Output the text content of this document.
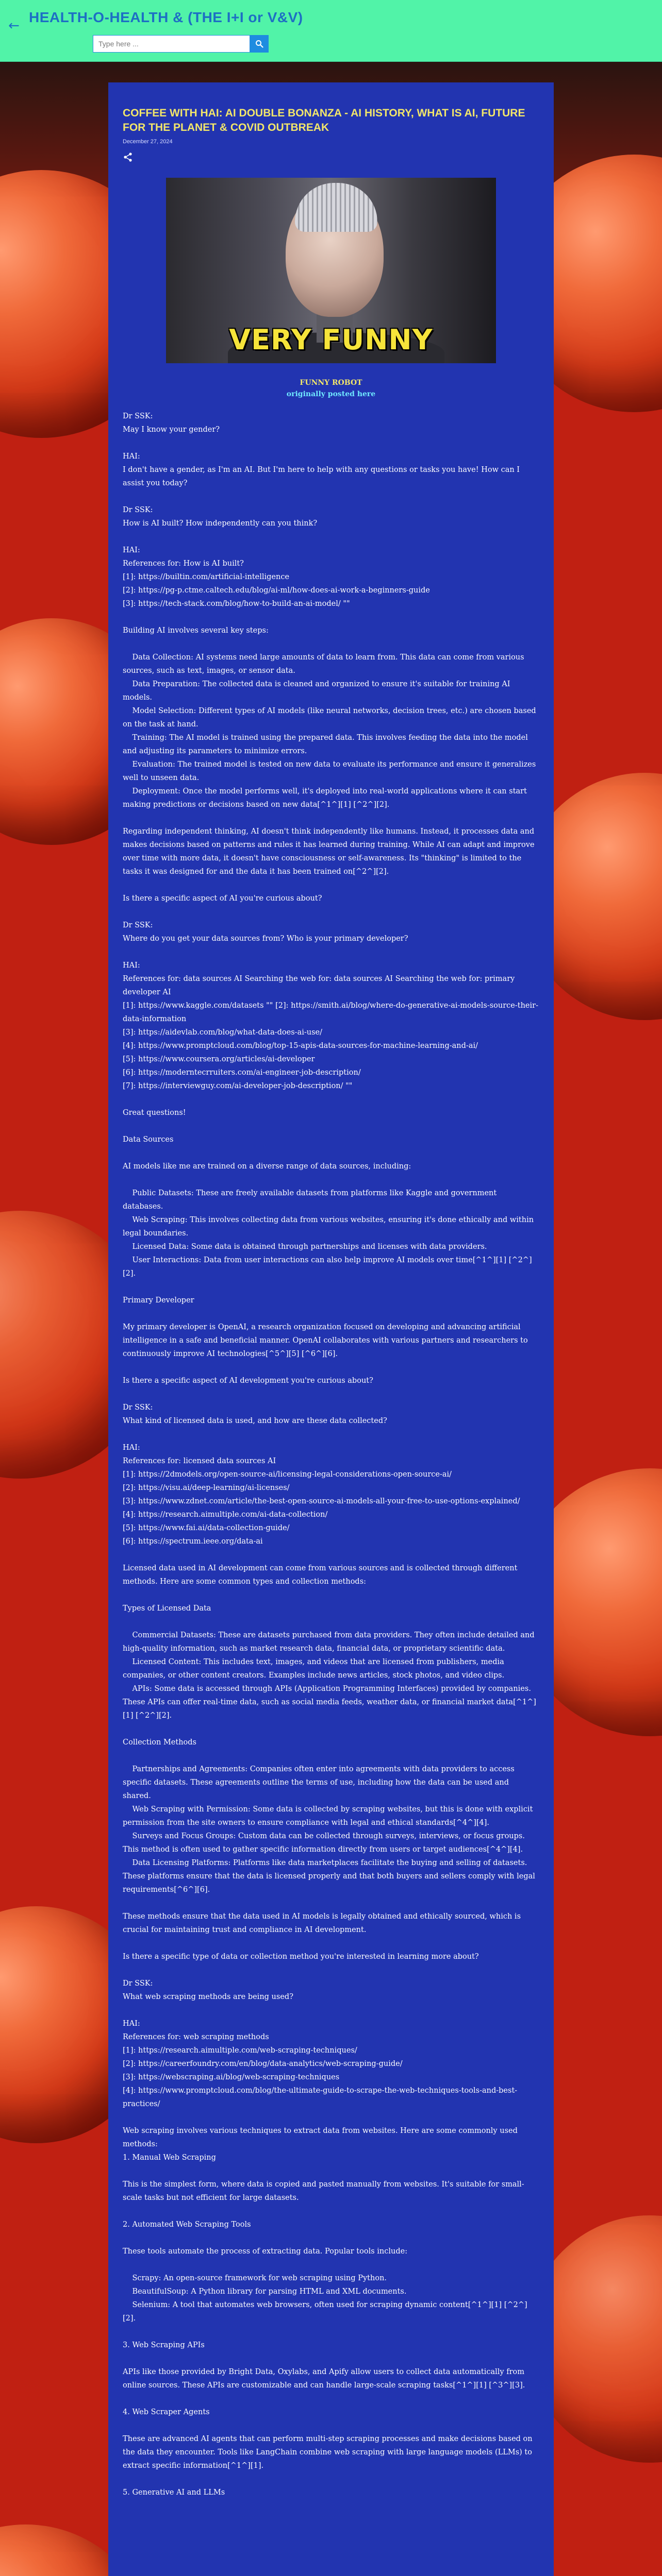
←
HEALTH-O-HEALTH & (THE I+I or V&V)
Type here ...
COFFEE WITH HAI: AI DOUBLE BONANZA - AI HISTORY, WHAT IS AI, FUTURE FOR THE PLANET & COVID OUTBREAK
December 27, 2024
VERY FUNNY
FUNNY ROBOT
originally posted here

Dr SSK:
May I know your gender?

HAI:
I don't have a gender, as I'm an AI. But I'm here to help with any questions or tasks you have! How can I assist you today?

Dr SSK:
How is AI built? How independently can you think?

HAI:
References for: How is AI built?
[1]: https://builtin.com/artificial-intelligence
[2]: https://pg-p.ctme.caltech.edu/blog/ai-ml/how-does-ai-work-a-beginners-guide
[3]: https://tech-stack.com/blog/how-to-build-an-ai-model/ ""

Building AI involves several key steps:

Data Collection: AI systems need large amounts of data to learn from. This data can come from various sources, such as text, images, or sensor data.
Data Preparation: The collected data is cleaned and organized to ensure it's suitable for training AI models.
Model Selection: Different types of AI models (like neural networks, decision trees, etc.) are chosen based on the task at hand.
Training: The AI model is trained using the prepared data. This involves feeding the data into the model and adjusting its parameters to minimize errors.
Evaluation: The trained model is tested on new data to evaluate its performance and ensure it generalizes well to unseen data.
Deployment: Once the model performs well, it's deployed into real-world applications where it can start making predictions or decisions based on new data[^1^][1] [^2^][2].

Regarding independent thinking, AI doesn't think independently like humans. Instead, it processes data and makes decisions based on patterns and rules it has learned during training. While AI can adapt and improve over time with more data, it doesn't have consciousness or self-awareness. Its "thinking" is limited to the tasks it was designed for and the data it has been trained on[^2^][2].

Is there a specific aspect of AI you're curious about?

Dr SSK:
Where do you get your data sources from? Who is your primary developer?

HAI:
References for: data sources AI Searching the web for: data sources AI Searching the web for: primary developer AI
[1]: https://www.kaggle.com/datasets "" [2]: https://smith.ai/blog/where-do-generative-ai-models-source-their-data-information
[3]: https://aidevlab.com/blog/what-data-does-ai-use/
[4]: https://www.promptcloud.com/blog/top-15-apis-data-sources-for-machine-learning-and-ai/
[5]: https://www.coursera.org/articles/ai-developer
[6]: https://moderntecrruiters.com/ai-engineer-job-description/
[7]: https://interviewguy.com/ai-developer-job-description/ ""

Great questions!

Data Sources

AI models like me are trained on a diverse range of data sources, including:

Public Datasets: These are freely available datasets from platforms like Kaggle and government databases.
Web Scraping: This involves collecting data from various websites, ensuring it's done ethically and within legal boundaries.
Licensed Data: Some data is obtained through partnerships and licenses with data providers.
User Interactions: Data from user interactions can also help improve AI models over time[^1^][1] [^2^][2].

Primary Developer

My primary developer is OpenAI, a research organization focused on developing and advancing artificial intelligence in a safe and beneficial manner. OpenAI collaborates with various partners and researchers to continuously improve AI technologies[^5^][5] [^6^][6].

Is there a specific aspect of AI development you're curious about?

Dr SSK:
What kind of licensed data is used, and how are these data collected?

HAI:
References for: licensed data sources AI
[1]: https://2dmodels.org/open-source-ai/licensing-legal-considerations-open-source-ai/
[2]: https://visu.ai/deep-learning/ai-licenses/
[3]: https://www.zdnet.com/article/the-best-open-source-ai-models-all-your-free-to-use-options-explained/
[4]: https://research.aimultiple.com/ai-data-collection/
[5]: https://www.fai.ai/data-collection-guide/
[6]: https://spectrum.ieee.org/data-ai

Licensed data used in AI development can come from various sources and is collected through different methods. Here are some common types and collection methods:

Types of Licensed Data

Commercial Datasets: These are datasets purchased from data providers. They often include detailed and high-quality information, such as market research data, financial data, or proprietary scientific data.
Licensed Content: This includes text, images, and videos that are licensed from publishers, media companies, or other content creators. Examples include news articles, stock photos, and video clips.
APIs: Some data is accessed through APIs (Application Programming Interfaces) provided by companies. These APIs can offer real-time data, such as social media feeds, weather data, or financial market data[^1^][1] [^2^][2].

Collection Methods

Partnerships and Agreements: Companies often enter into agreements with data providers to access specific datasets. These agreements outline the terms of use, including how the data can be used and shared.
Web Scraping with Permission: Some data is collected by scraping websites, but this is done with explicit permission from the site owners to ensure compliance with legal and ethical standards[^4^][4].
Surveys and Focus Groups: Custom data can be collected through surveys, interviews, or focus groups. This method is often used to gather specific information directly from users or target audiences[^4^][4].
Data Licensing Platforms: Platforms like data marketplaces facilitate the buying and selling of datasets. These platforms ensure that the data is licensed properly and that both buyers and sellers comply with legal requirements[^6^][6].

These methods ensure that the data used in AI models is legally obtained and ethically sourced, which is crucial for maintaining trust and compliance in AI development.

Is there a specific type of data or collection method you're interested in learning more about?

Dr SSK:
What web scraping methods are being used?

HAI:
References for: web scraping methods
[1]: https://research.aimultiple.com/web-scraping-techniques/
[2]: https://careerfoundry.com/en/blog/data-analytics/web-scraping-guide/
[3]: https://webscraping.ai/blog/web-scraping-techniques
[4]: https://www.promptcloud.com/blog/the-ultimate-guide-to-scrape-the-web-techniques-tools-and-best-practices/

Web scraping involves various techniques to extract data from websites. Here are some commonly used methods:
1. Manual Web Scraping

This is the simplest form, where data is copied and pasted manually from websites. It's suitable for small-scale tasks but not efficient for large datasets.

2. Automated Web Scraping Tools

These tools automate the process of extracting data. Popular tools include:

Scrapy: An open-source framework for web scraping using Python.
BeautifulSoup: A Python library for parsing HTML and XML documents.
Selenium: A tool that automates web browsers, often used for scraping dynamic content[^1^][1] [^2^][2].

3. Web Scraping APIs

APIs like those provided by Bright Data, Oxylabs, and Apify allow users to collect data automatically from online sources. These APIs are customizable and can handle large-scale scraping tasks[^1^][1] [^3^][3].

4. Web Scraper Agents

These are advanced AI agents that can perform multi-step scraping processes and make decisions based on the data they encounter. Tools like LangChain combine web scraping with large language models (LLMs) to extract specific information[^1^][1].

5. Generative AI and LLMs
